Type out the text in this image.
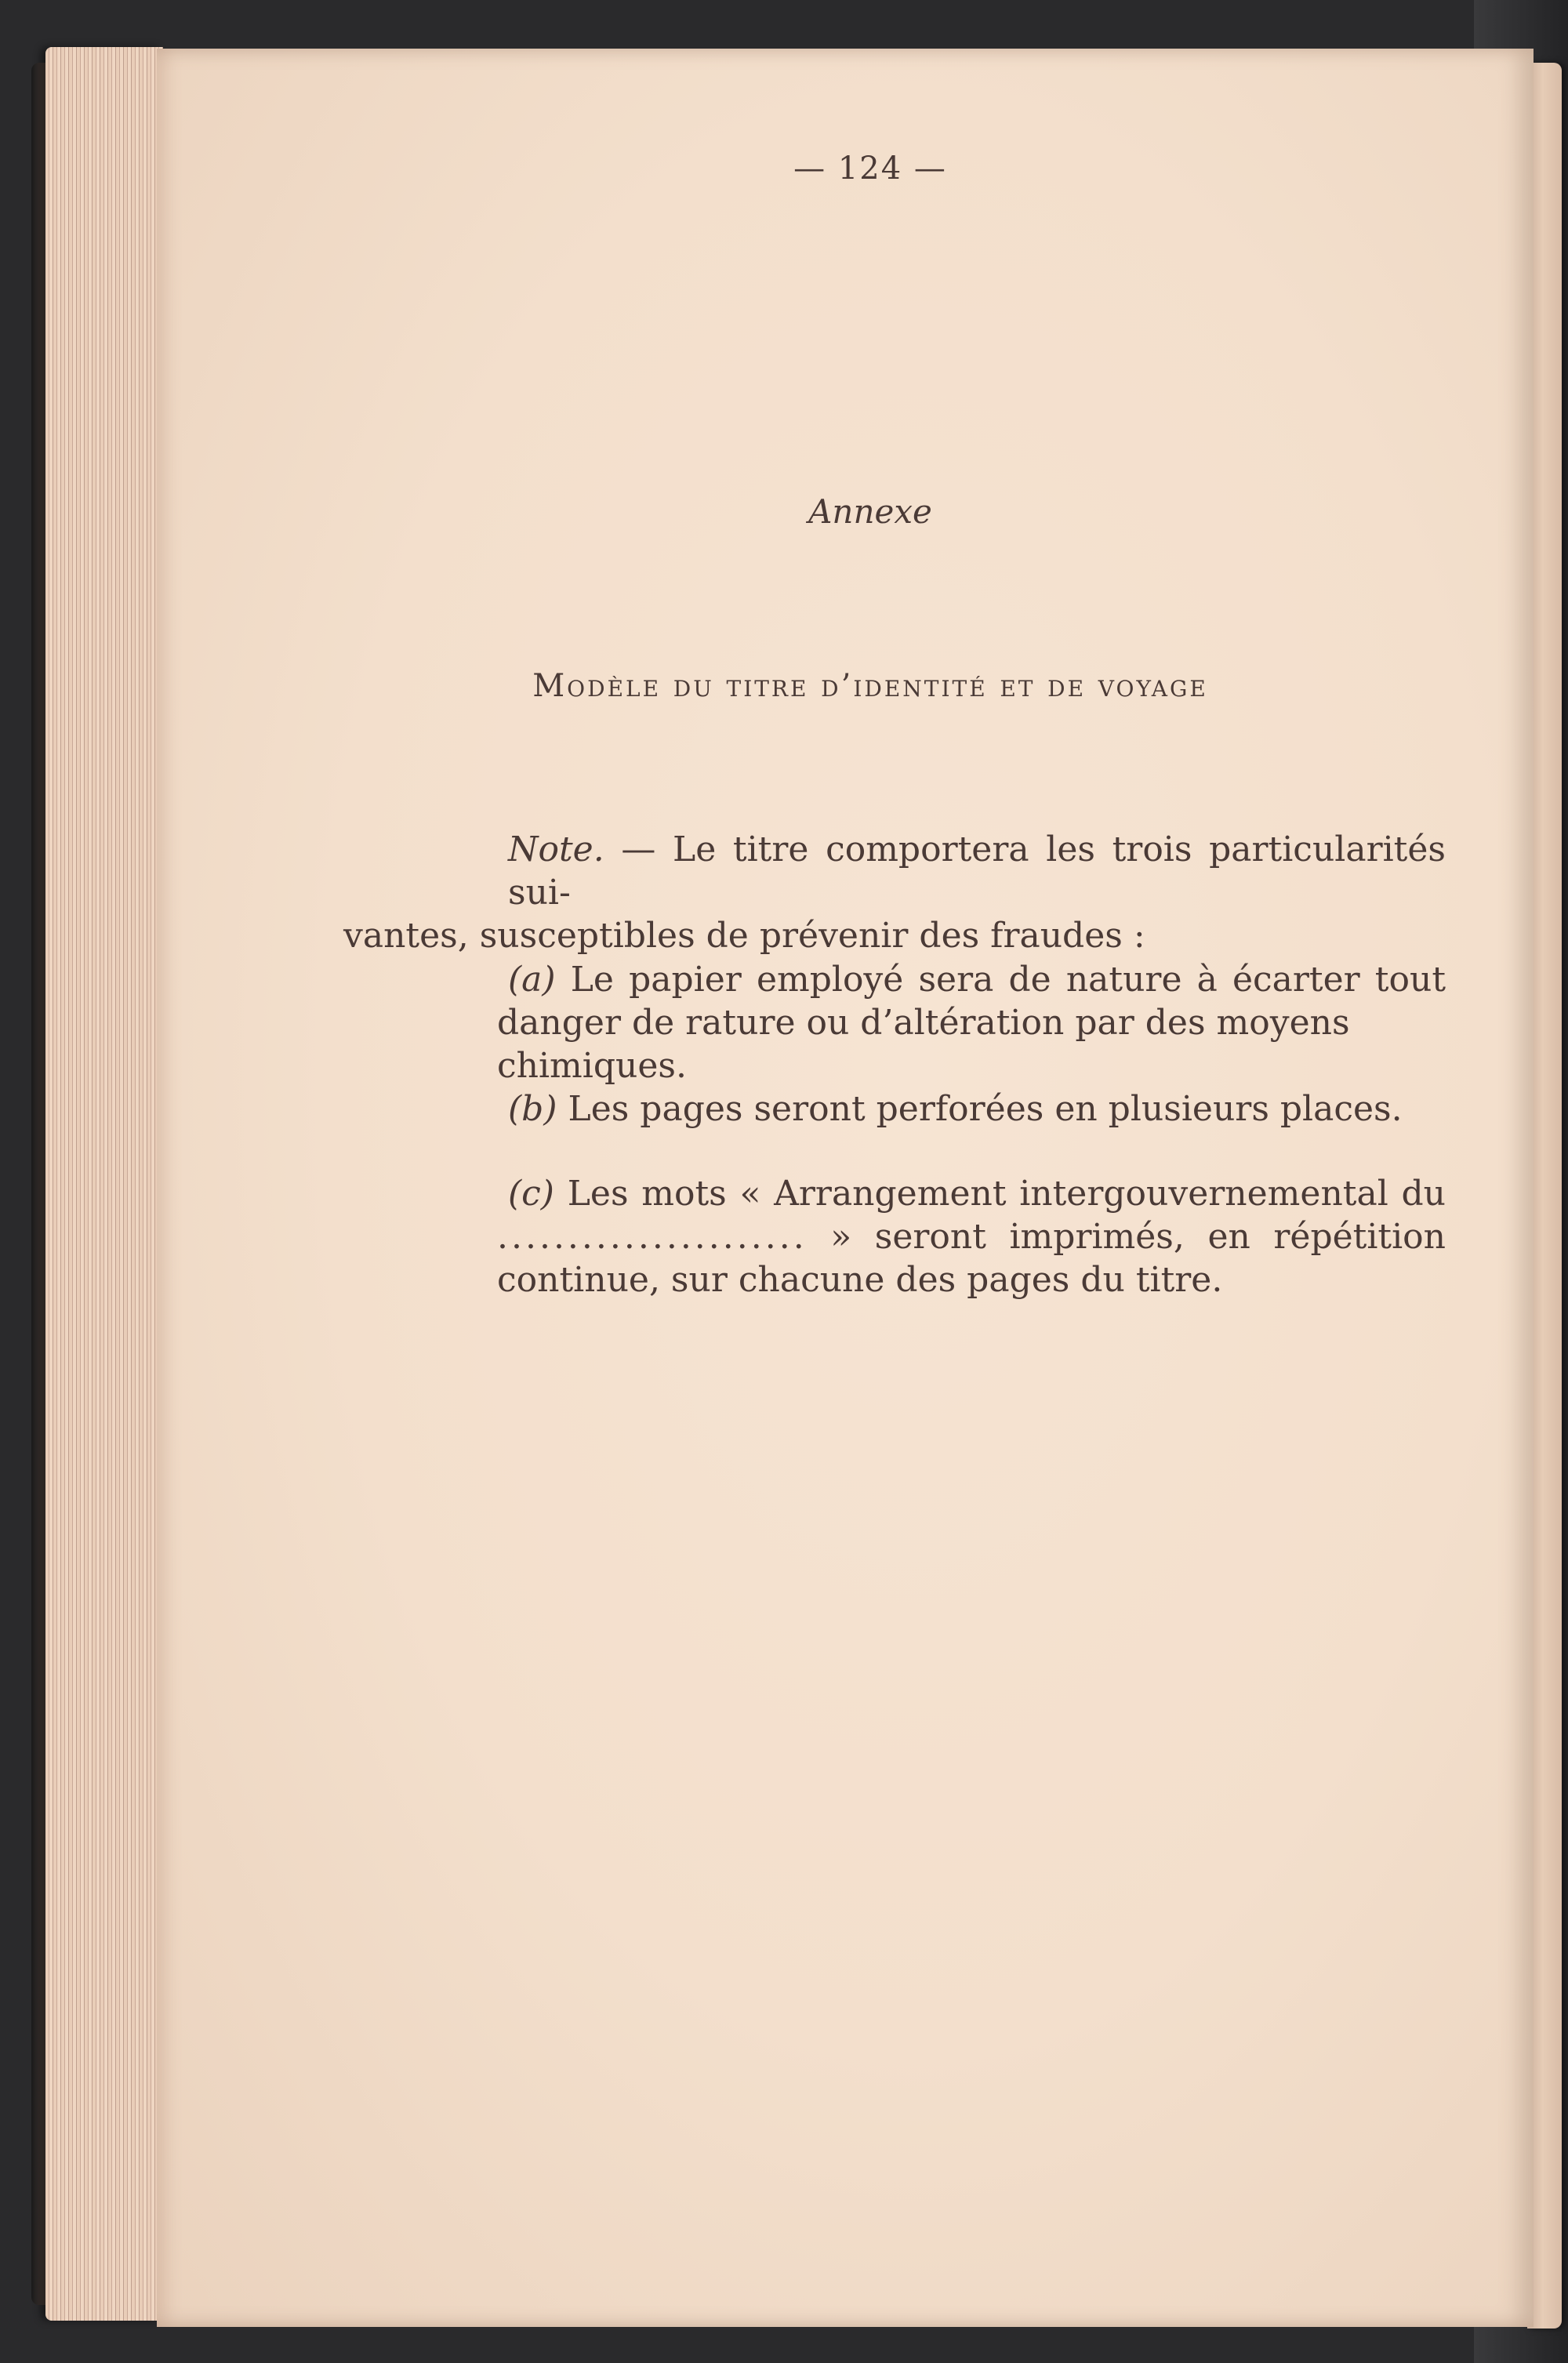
— 124 —

Annexe

Modèle du titre d’identité et de voyage

Note. — Le titre comportera les trois particularités sui-
vantes, susceptibles de prévenir des fraudes :
(a) Le papier employé sera de nature à écarter tout
danger de rature ou d’altération par des moyens chimiques.
(b) Les pages seront perforées en plusieurs places.
(c) Les mots « Arrangement intergouvernemental du
...................... » seront imprimés, en répétition
continue, sur chacune des pages du titre.
